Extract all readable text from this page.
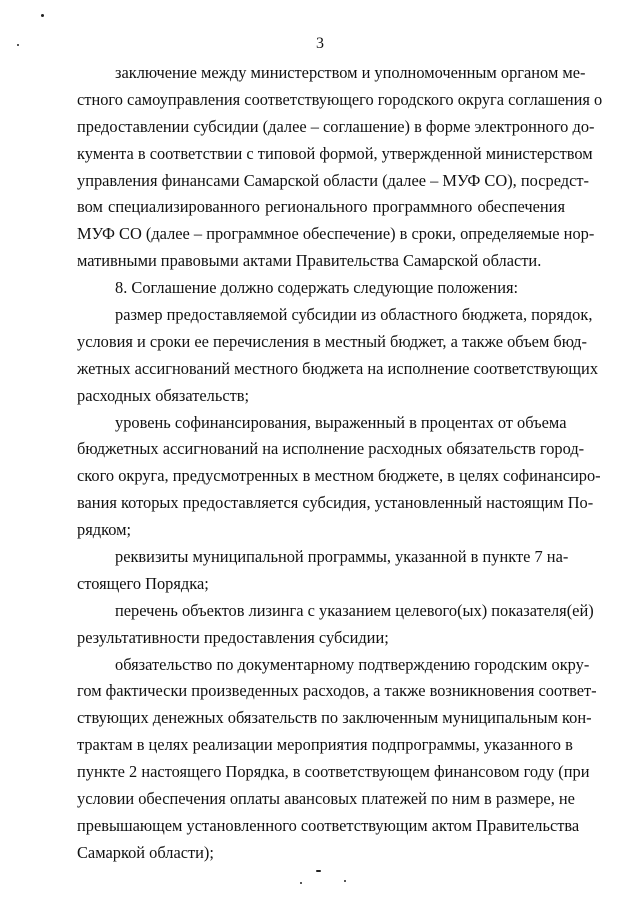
3

заключение между министерством и уполномоченным органом ме-
стного самоуправления соответствующего городского округа соглашения о
предоставлении субсидии (далее – соглашение) в форме электронного до-
кумента в соответствии с типовой формой, утвержденной министерством
управления финансами Самарской области (далее – МУФ СО), посредст-
вом специализированного регионального программного обеспечения
МУФ СО (далее – программное обеспечение) в сроки, определяемые нор-
мативными правовыми актами Правительства Самарской области.

8. Соглашение должно содержать следующие положения:

размер предоставляемой субсидии из областного бюджета, порядок,
условия и сроки ее перечисления в местный бюджет, а также объем бюд-
жетных ассигнований местного бюджета на исполнение соответствующих
расходных обязательств;

уровень софинансирования, выраженный в процентах от объема
бюджетных ассигнований на исполнение расходных обязательств город-
ского округа, предусмотренных в местном бюджете, в целях софинансиро-
вания которых предоставляется субсидия, установленный настоящим По-
рядком;

реквизиты муниципальной программы, указанной в пункте 7 на-
стоящего Порядка;

перечень объектов лизинга с указанием целевого(ых) показателя(ей)
результативности предоставления субсидии;

обязательство по документарному подтверждению городским окру-
гом фактически произведенных расходов, а также возникновения соответ-
ствующих денежных обязательств по заключенным муниципальным кон-
трактам в целях реализации мероприятия подпрограммы, указанного в
пункте 2 настоящего Порядка, в соответствующем финансовом году (при
условии обеспечения оплаты авансовых платежей по ним в размере, не
превышающем установленного соответствующим актом Правительства
Самаркой области);
